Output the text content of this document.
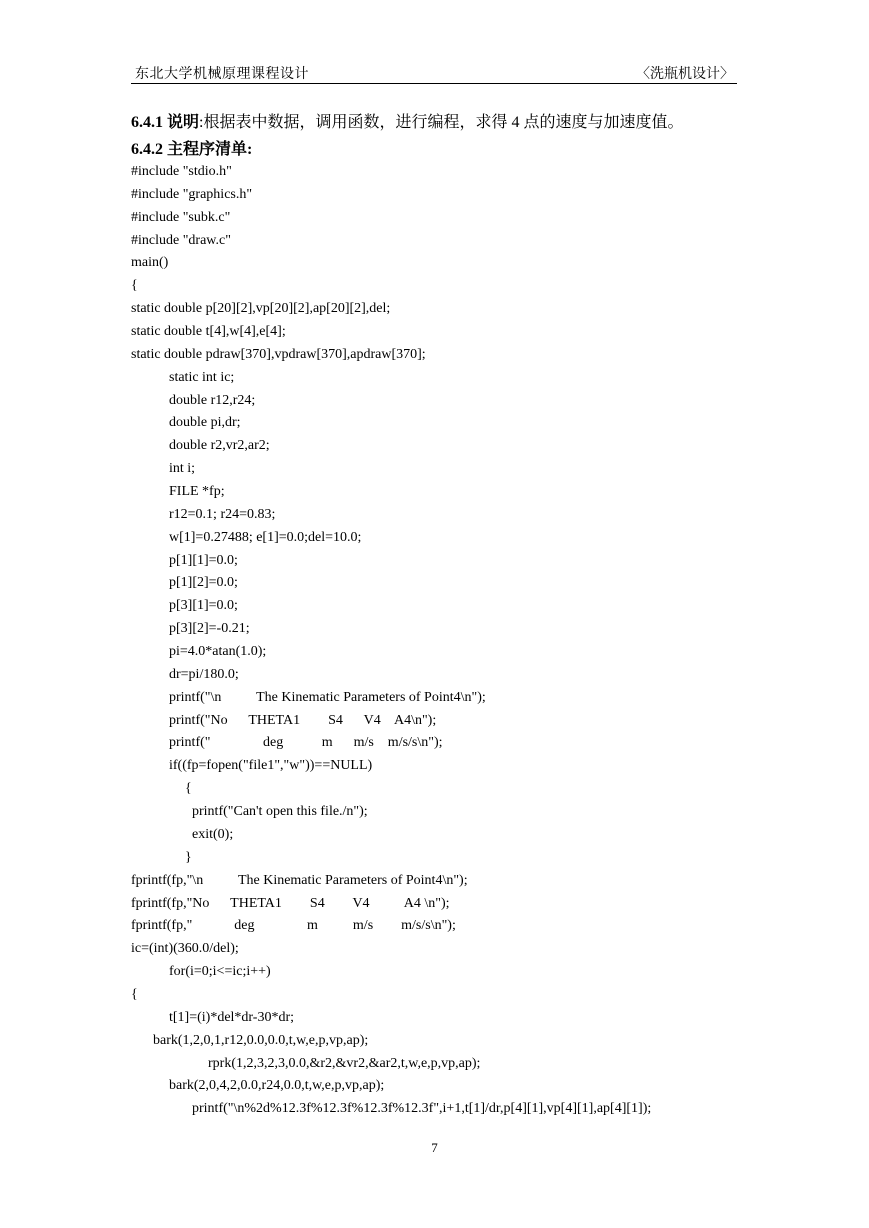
东北大学机械原理课程设计	〈洗瓶机设计〉
6.4.1 说明:根据表中数据，调用函数，进行编程，求得 4 点的速度与加速度值。
6.4.2 主程序清单:
#include "stdio.h"
#include "graphics.h"
#include "subk.c"
#include "draw.c"
main()
{
static double p[20][2],vp[20][2],ap[20][2],del;
static double t[4],w[4],e[4];
static double pdraw[370],vpdraw[370],apdraw[370];
static int ic;
double r12,r24;
double pi,dr;
double r2,vr2,ar2;
int i;
FILE *fp;
r12=0.1; r24=0.83;
w[1]=0.27488; e[1]=0.0;del=10.0;
p[1][1]=0.0;
p[1][2]=0.0;
p[3][1]=0.0;
p[3][2]=-0.21;
pi=4.0*atan(1.0);
dr=pi/180.0;
printf("\n          The Kinematic Parameters of Point4\n");
printf("No      THETA1        S4      V4    A4\n");
printf("               deg           m      m/s    m/s/s\n");
if((fp=fopen("file1","w"))==NULL)
{
printf("Can't open this file./n");
exit(0);
}
fprintf(fp,"\n          The Kinematic Parameters of Point4\n");
fprintf(fp,"No      THETA1        S4        V4          A4 \n");
fprintf(fp,"            deg               m          m/s        m/s/s\n");
ic=(int)(360.0/del);
for(i=0;i<=ic;i++)
{
t[1]=(i)*del*dr-30*dr;
bark(1,2,0,1,r12,0.0,0.0,t,w,e,p,vp,ap);
rprk(1,2,3,2,3,0.0,&r2,&vr2,&ar2,t,w,e,p,vp,ap);
bark(2,0,4,2,0.0,r24,0.0,t,w,e,p,vp,ap);
printf("\n%2d%12.3f%12.3f%12.3f%12.3f",i+1,t[1]/dr,p[4][1],vp[4][1],ap[4][1]);
7
